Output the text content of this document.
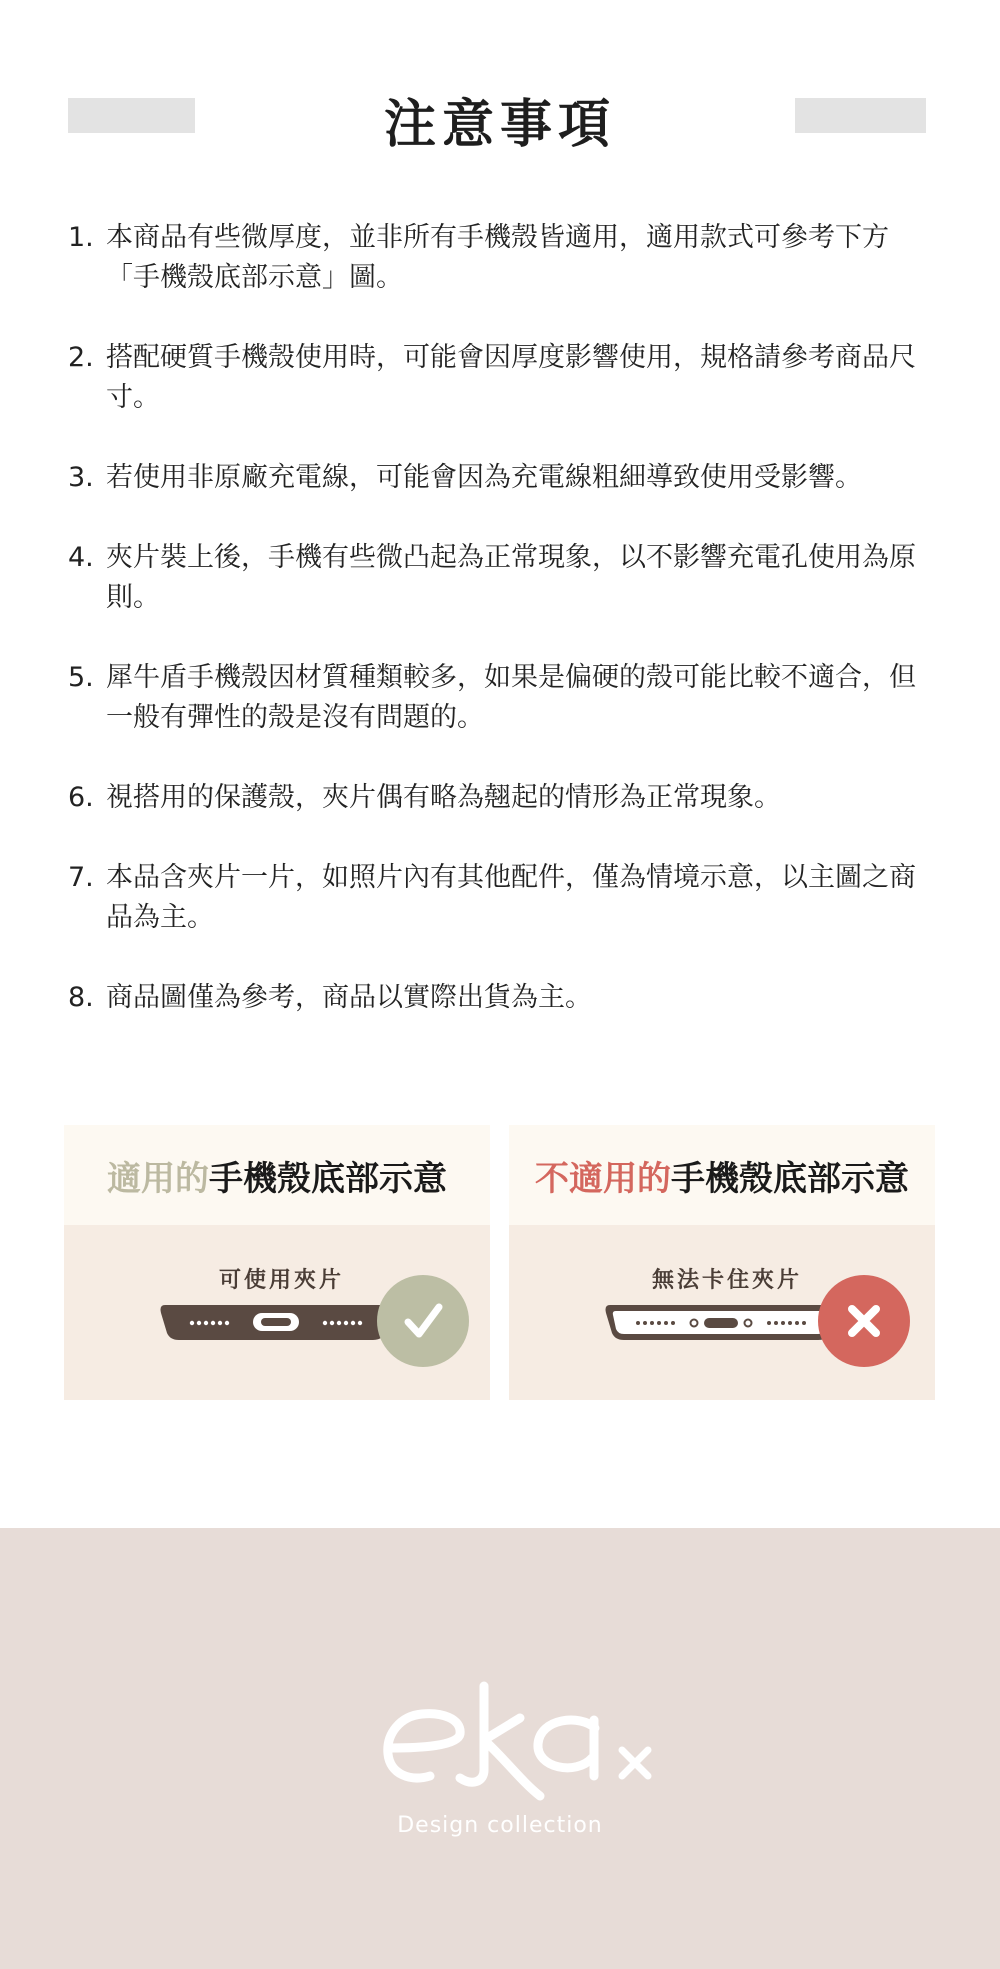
注意事項
1. 本商品有些微厚度，並非所有手機殼皆適用，適用款式可參考下方「手機殼底部示意」圖。
2. 搭配硬質手機殼使用時，可能會因厚度影響使用，規格請參考商品尺寸。
3. 若使用非原廠充電線，可能會因為充電線粗細導致使用受影響。
4. 夾片裝上後，手機有些微凸起為正常現象，以不影響充電孔使用為原則。
5. 犀牛盾手機殼因材質種類較多，如果是偏硬的殼可能比較不適合，但一般有彈性的殼是沒有問題的。
6. 視搭用的保護殼，夾片偶有略為翹起的情形為正常現象。
7. 本品含夾片一片，如照片內有其他配件，僅為情境示意，以主圖之商品為主。
8. 商品圖僅為參考，商品以實際出貨為主。
適用的 手機殼底部示意
可使用夾片
不適用的 手機殼底部示意
無法卡住夾片
Design collection
